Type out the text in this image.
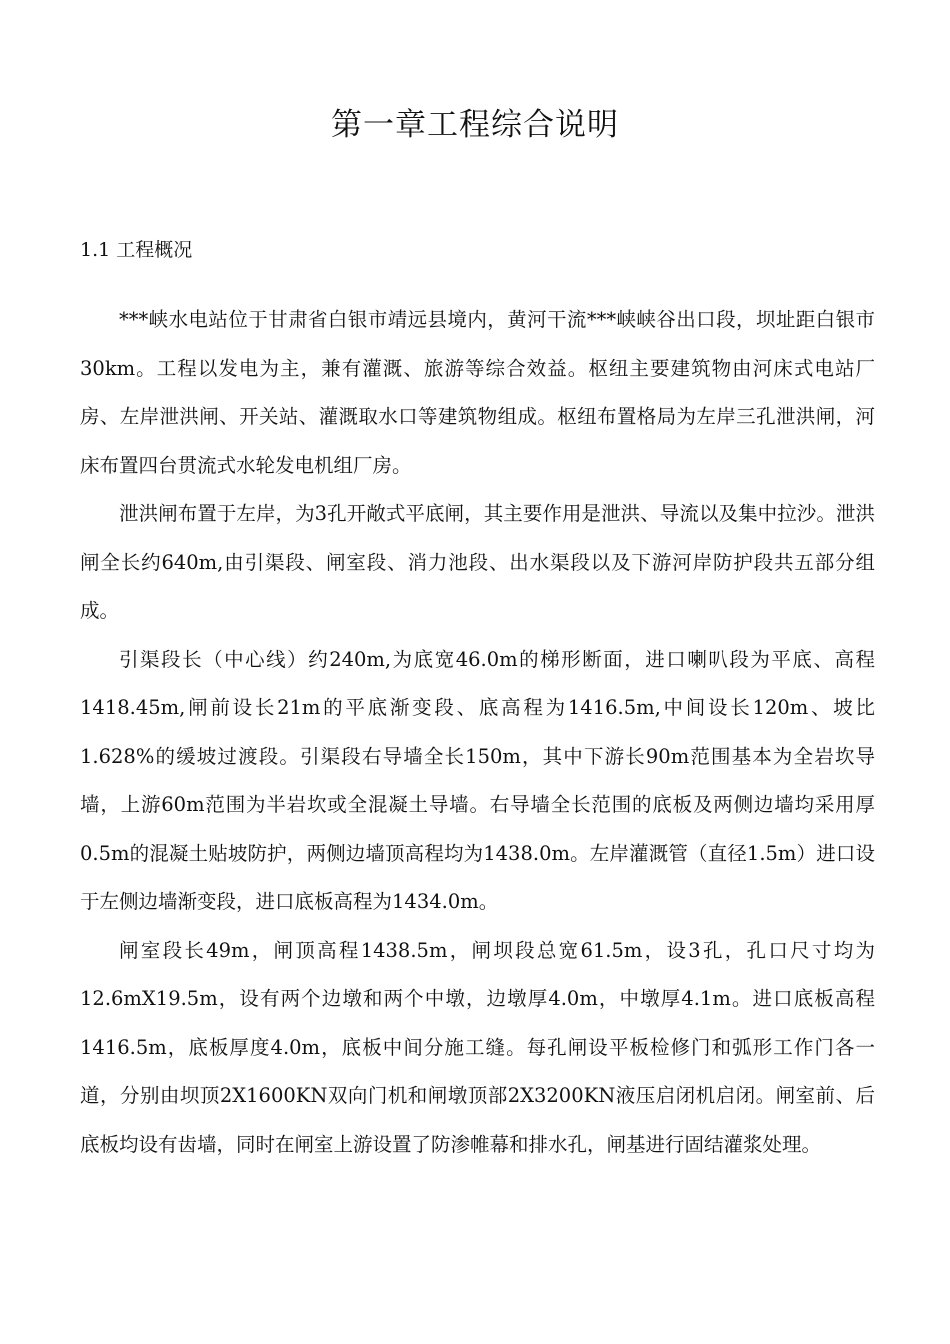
第一章工程综合说明
1.1 工程概况

***峡水电站位于甘肃省白银市靖远县境内，黄河干流***峡峡谷出口段，坝址距白银市30km。工程以发电为主，兼有灌溉、旅游等综合效益。枢纽主要建筑物由河床式电站厂房、左岸泄洪闸、开关站、灌溉取水口等建筑物组成。枢纽布置格局为左岸三孔泄洪闸，河床布置四台贯流式水轮发电机组厂房。

泄洪闸布置于左岸，为3孔开敞式平底闸，其主要作用是泄洪、导流以及集中拉沙。泄洪闸全长约640m,由引渠段、闸室段、消力池段、出水渠段以及下游河岸防护段共五部分组成。

引渠段长（中心线）约240m,为底宽46.0m的梯形断面，进口喇叭段为平底、高程1418.45m,闸前设长21m的平底渐变段、底高程为1416.5m,中间设长120m、坡比1.628%的缓坡过渡段。引渠段右导墙全长150m，其中下游长90m范围基本为全岩坎导墙，上游60m范围为半岩坎或全混凝土导墙。右导墙全长范围的底板及两侧边墙均采用厚0.5m的混凝土贴坡防护，两侧边墙顶高程均为1438.0m。左岸灌溉管（直径1.5m）进口设于左侧边墙渐变段，进口底板高程为1434.0m。

闸室段长49m，闸顶高程1438.5m，闸坝段总宽61.5m，设3孔，孔口尺寸均为12.6mX19.5m，设有两个边墩和两个中墩，边墩厚4.0m，中墩厚4.1m。进口底板高程1416.5m，底板厚度4.0m，底板中间分施工缝。每孔闸设平板检修门和弧形工作门各一道，分别由坝顶2X1600KN双向门机和闸墩顶部2X3200KN液压启闭机启闭。闸室前、后底板均设有齿墙，同时在闸室上游设置了防渗帷幕和排水孔，闸基进行固结灌浆处理。
